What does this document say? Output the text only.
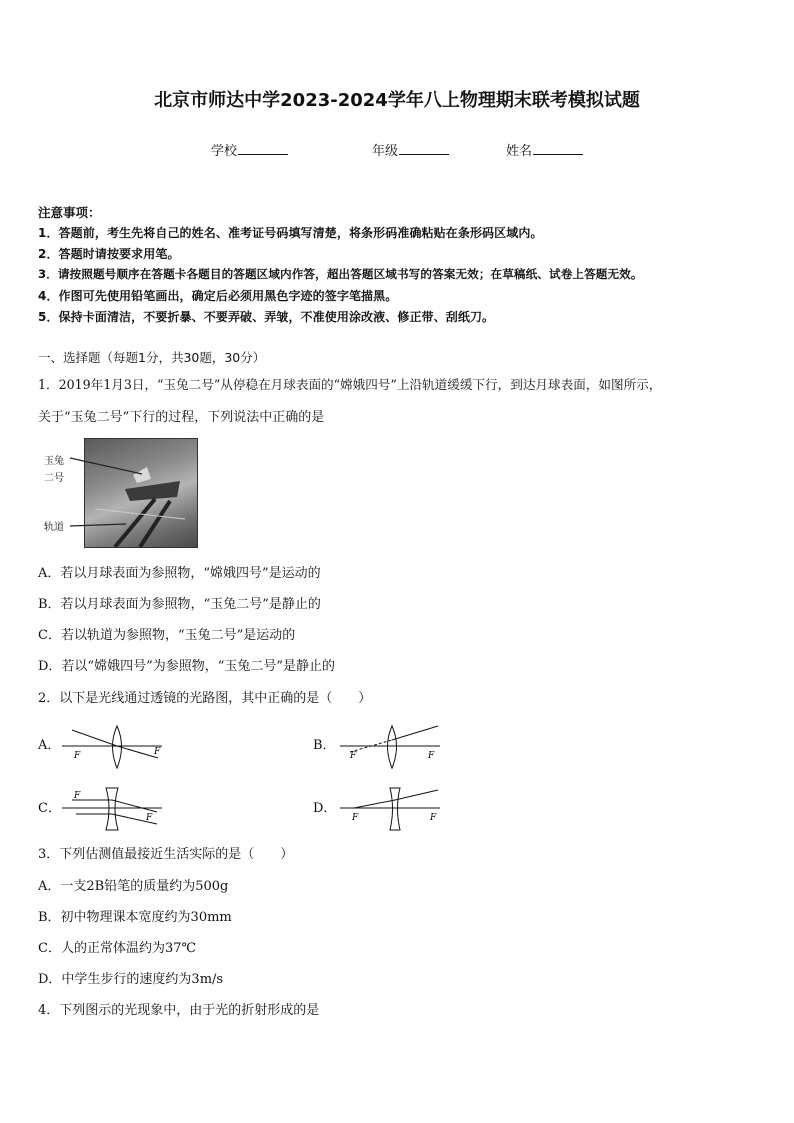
北京市师达中学2023-2024学年八上物理期末联考模拟试题
学校	年级	姓名
注意事项：
1．答题前，考生先将自己的姓名、准考证号码填写清楚，将条形码准确粘贴在条形码区域内。
2．答题时请按要求用笔。
3．请按照题号顺序在答题卡各题目的答题区域内作答，超出答题区域书写的答案无效；在草稿纸、试卷上答题无效。
4．作图可先使用铅笔画出，确定后必须用黑色字迹的签字笔描黑。
5．保持卡面清洁，不要折暴、不要弄破、弄皱，不准使用涂改液、修正带、刮纸刀。
一、选择题（每题1分，共30题，30分）
1．2019年1月3日，“玉兔二号”从停稳在月球表面的“嫦娥四号”上沿轨道缓缓下行，到达月球表面，如图所示，
关于“玉兔二号”下行的过程，下列说法中正确的是
玉兔
二号
轨道
A．若以月球表面为参照物，“嫦娥四号”是运动的
B．若以月球表面为参照物，“玉兔二号”是静止的
C．若以轨道为参照物，“玉兔二号”是运动的
D．若以“嫦娥四号”为参照物，“玉兔二号”是静止的
2．以下是光线通过透镜的光路图，其中正确的是（　　）
A．
F	F	B．
F	F
C．
F
F
D．
F	F
3．下列估测值最接近生活实际的是（　　）
A．一支2B铅笔的质量约为500g
B．初中物理课本宽度约为30mm
C．人的正常体温约为37℃
D．中学生步行的速度约为3m/s
4．下列图示的光现象中，由于光的折射形成的是
